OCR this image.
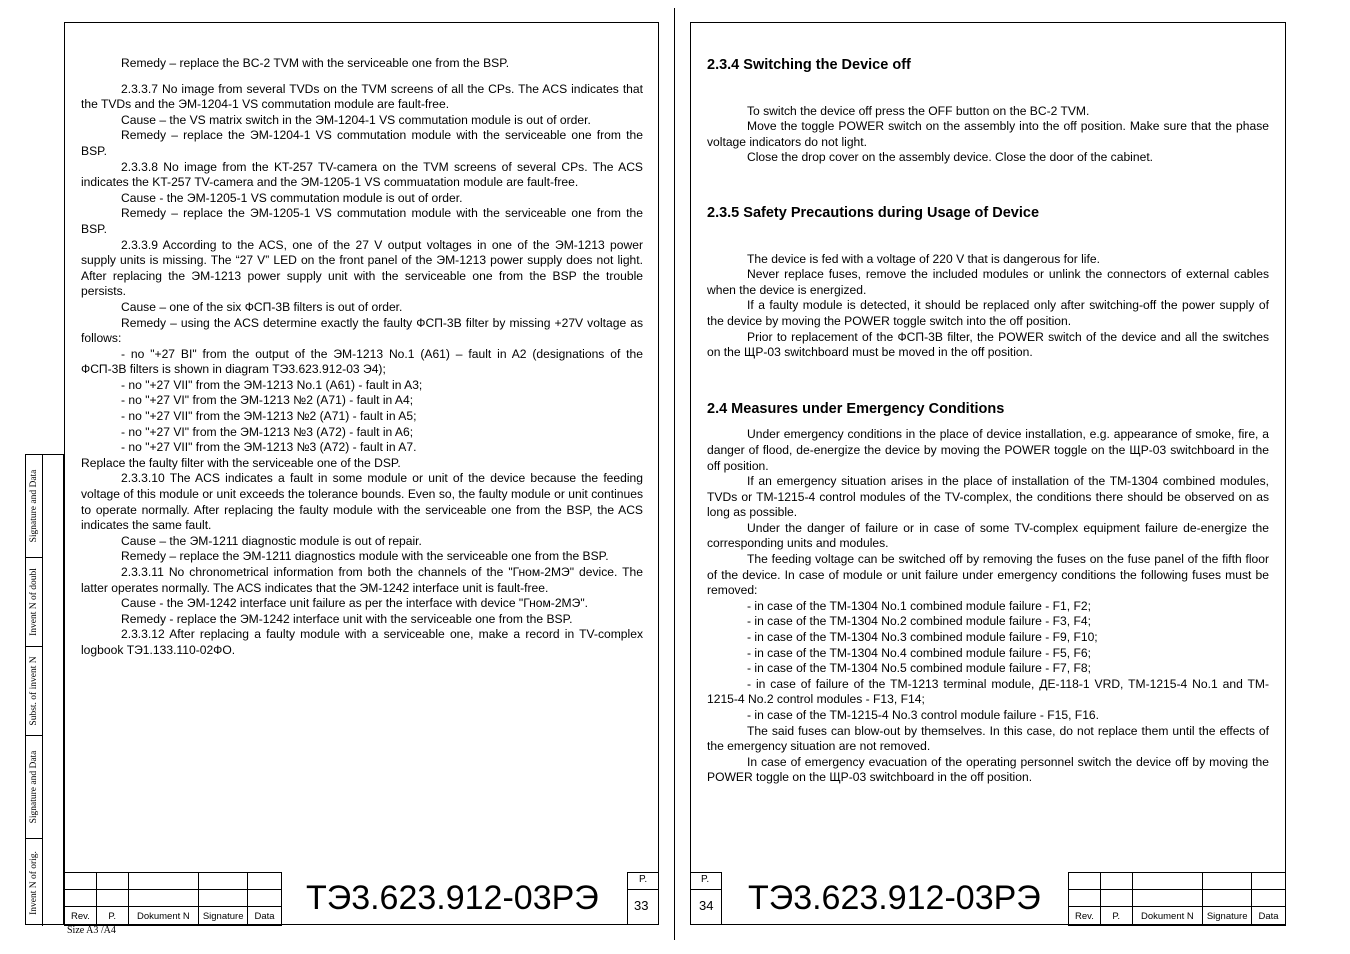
Remedy – replace the BC-2 TVM with the serviceable one from the BSP.

2.3.3.7 No image from several TVDs on the TVM screens of all the CPs. The ACS indicates that the TVDs and the ЭМ-1204-1 VS commutation module are fault-free.

Cause – the VS matrix switch in the ЭМ-1204-1 VS commutation module is out of order.

Remedy – replace the ЭМ-1204-1 VS commutation module with the serviceable one from the BSP.

2.3.3.8 No image from the KT-257 TV-camera on the TVM screens of several CPs. The ACS indicates the KT-257 TV-camera and the ЭМ-1205-1 VS commuatation module are fault-free.

Cause - the ЭМ-1205-1 VS commutation module is out of order.

Remedy – replace the ЭМ-1205-1 VS commutation module with the serviceable one from the BSP.

2.3.3.9 According to the ACS, one of the 27 V output voltages in one of the ЭМ-1213 power supply units is missing. The “27 V” LED on the front panel of the ЭМ-1213 power supply does not light. After replacing the ЭМ-1213 power supply unit with the serviceable one from the BSP the trouble persists.

Cause – one of the six ФСП-3В filters is out of order.

Remedy – using the ACS determine exactly the faulty ФСП-3В filter by missing +27V voltage as follows:

- no "+27 BI" from the output of the ЭМ-1213 No.1 (A61) – fault in A2 (designations of the ФСП-3В filters is shown in diagram ТЭ3.623.912-03 Э4);

- no "+27 VII" from the ЭМ-1213 No.1 (A61) - fault in A3;

- no "+27 VI" from the ЭМ-1213 №2 (A71) - fault in A4;

- no "+27 VII" from the ЭМ-1213 №2 (A71) - fault in A5;

- no "+27 VI" from the ЭМ-1213 №3 (A72) - fault in A6;

- no "+27 VII" from the ЭМ-1213 №3 (A72) - fault in A7.

Replace the faulty filter with the serviceable one of the DSP.

2.3.3.10 The ACS indicates a fault in some module or unit of the device because the feeding voltage of this module or unit exceeds the tolerance bounds. Even so, the faulty module or unit continues to operate normally. After replacing the faulty module with the serviceable one from the BSP, the ACS indicates the same fault.

Cause – the ЭМ-1211 diagnostic module is out of repair.

Remedy – replace the ЭМ-1211 diagnostics module with the serviceable one from the BSP.

2.3.3.11 No chronometrical information from both the channels of the "Гном-2МЭ" device. The latter operates normally. The ACS indicates that the ЭМ-1242 interface unit is fault-free.

Cause - the ЭМ-1242 interface unit failure as per the interface with device "Гном-2МЭ".

Remedy - replace the ЭМ-1242 interface unit with the serviceable one from the BSP.

2.3.3.12 After replacing a faulty module with a serviceable one, make a record in TV-complex logbook ТЭ1.133.110-02ФО.

Rev.	P.	Dokument N	Signature	Data ТЭ3.623.912-03РЭ	P.
33

2.3.4 Switching the Device off

To switch the device off press the OFF button on the BC-2 TVM.

Move the toggle POWER switch on the assembly into the off position. Make sure that the phase voltage indicators do not light.

Close the drop cover on the assembly device. Close the door of the cabinet.

2.3.5 Safety Precautions during Usage of Device

The device is fed with a voltage of 220 V that is dangerous for life.

Never replace fuses, remove the included modules or unlink the connectors of external cables when the device is energized.

If a faulty module is detected, it should be replaced only after switching-off the power supply of the device by moving the POWER toggle switch into the off position.

Prior to replacement of the ФСП-3В filter, the POWER switch of the device and all the switches on the ЩР-03 switchboard must be moved in the off position.

2.4 Measures under Emergency Conditions

Under emergency conditions in the place of device installation, e.g. appearance of smoke, fire, a danger of flood, de-energize the device by moving the POWER toggle on the ЩР-03 switchboard in the off position.

If an emergency situation arises in the place of installation of the TM-1304 combined modules, TVDs or TM-1215-4 control modules of the TV-complex, the conditions there should be observed on as long as possible.

Under the danger of failure or in case of some TV-complex equipment failure de-energize the corresponding units and modules.

The feeding voltage can be switched off by removing the fuses on the fuse panel of the fifth floor of the device. In case of module or unit failure under emergency conditions the following fuses must be removed:

- in case of the TM-1304 No.1 combined module failure - F1, F2;

- in case of the TM-1304 No.2 combined module failure - F3, F4;

- in case of the TM-1304 No.3 combined module failure - F9, F10;

- in case of the TM-1304 No.4 combined module failure - F5, F6;

- in case of the TM-1304 No.5 combined module failure - F7, F8;

- in case of failure of the TM-1213 terminal module, ДЕ-118-1 VRD, TM-1215-4 No.1 and TM-1215-4 No.2 control modules - F13, F14;

- in case of the TM-1215-4 No.3 control module failure - F15, F16.

The said fuses can blow-out by themselves. In this case, do not replace them until the effects of the emergency situation are not removed.

In case of emergency evacuation of the operating personnel switch the device off by moving the POWER toggle on the ЩР-03 switchboard in the off position.

P.
34 ТЭ3.623.912-03РЭ

					Rev.	P.	Dokument N	Signature	Data
Signature and Data
Invent N of doubl
Subst. of invent N
Signature and Data
Invent N of orig.
Size A3 /A4
